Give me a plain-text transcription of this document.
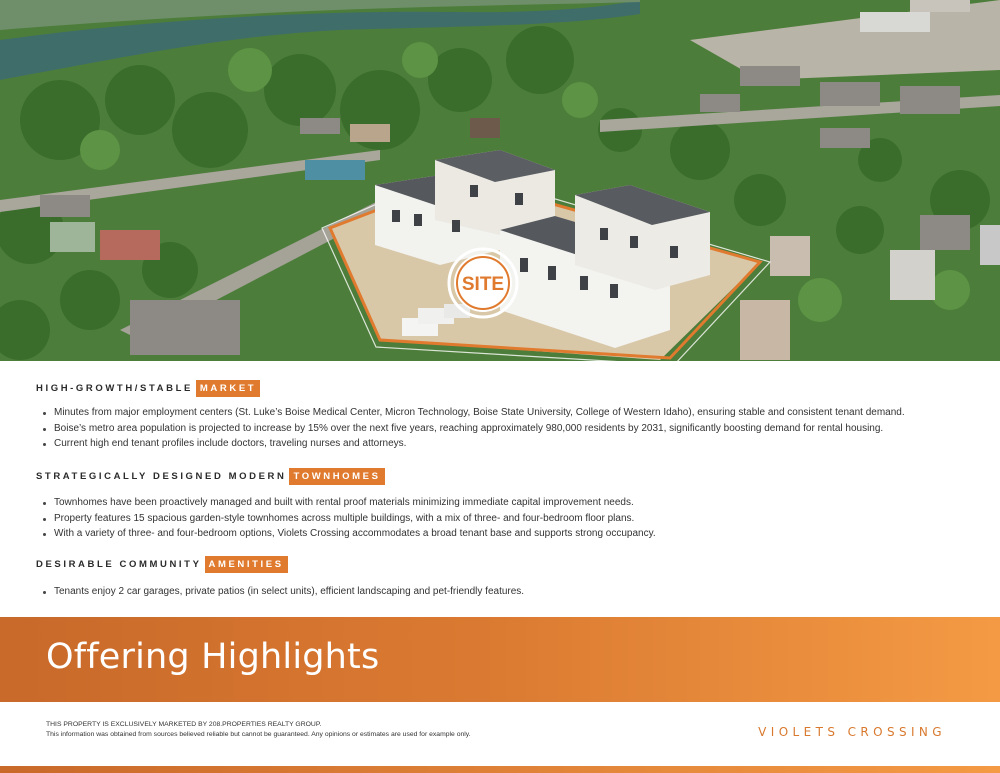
SITE
HIGH-GROWTH/STABLE MARKET
Minutes from major employment centers (St. Luke’s Boise Medical Center, Micron Technology, Boise State University, College of Western Idaho), ensuring stable and consistent tenant demand.
Boise’s metro area population is projected to increase by 15% over the next five years, reaching approximately 980,000 residents by 2031, significantly boosting demand for rental housing.
Current high end tenant profiles include doctors, traveling nurses and attorneys.
STRATEGICALLY DESIGNED MODERN TOWNHOMES
Townhomes have been proactively managed and built with rental proof materials minimizing immediate capital improvement needs.
Property features 15 spacious garden-style townhomes across multiple buildings, with a mix of three- and four-bedroom floor plans.
With a variety of three- and four-bedroom options, Violets Crossing accommodates a broad tenant base and supports strong occupancy.
DESIRABLE COMMUNITY AMENITIES
Tenants enjoy 2 car garages, private patios (in select units), efficient landscaping and pet-friendly features.
Offering Highlights
THIS PROPERTY IS EXCLUSIVELY MARKETED BY 208.PROPERTIES REALTY GROUP.
This information was obtained from sources believed reliable but cannot be guaranteed. Any opinions or estimates are used for example only.	VIOLETS CROSSING
